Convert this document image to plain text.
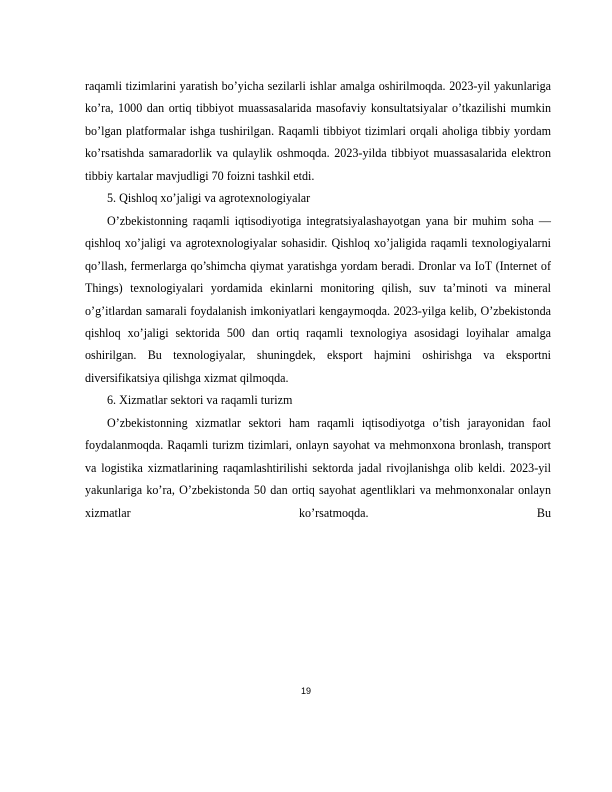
raqamli tizimlarini yaratish bo’yicha sezilarli ishlar amalga oshirilmoqda. 2023-yil yakunlariga ko’ra, 1000 dan ortiq tibbiyot muassasalarida masofaviy konsultatsiyalar o’tkazilishi mumkin bo’lgan platformalar ishga tushirilgan. Raqamli tibbiyot tizimlari orqali aholiga tibbiy yordam ko’rsatishda samaradorlik va qulaylik oshmoqda. 2023-yilda tibbiyot muassasalarida elektron tibbiy kartalar mavjudligi 70 foizni tashkil etdi.

5. Qishloq xo’jaligi va agrotexnologiyalar

O’zbekistonning raqamli iqtisodiyotiga integratsiyalashayotgan yana bir muhim soha — qishloq xo’jaligi va agrotexnologiyalar sohasidir. Qishloq xo’jaligida raqamli texnologiyalarni qo’llash, fermerlarga qo’shimcha qiymat yaratishga yordam beradi. Dronlar va IoT (Internet of Things) texnologiyalari yordamida ekinlarni monitoring qilish, suv ta’minoti va mineral o’g’itlardan samarali foydalanish imkoniyatlari kengaymoqda. 2023-yilga kelib, O’zbekistonda qishloq xo’jaligi sektorida 500 dan ortiq raqamli texnologiya asosidagi loyihalar amalga oshirilgan. Bu texnologiyalar, shuningdek, eksport hajmini oshirishga va eksportni diversifikatsiya qilishga xizmat qilmoqda.

6. Xizmatlar sektori va raqamli turizm

O’zbekistonning xizmatlar sektori ham raqamli iqtisodiyotga o’tish jarayonidan faol foydalanmoqda. Raqamli turizm tizimlari, onlayn sayohat va mehmonxona bronlash, transport va logistika xizmatlarining raqamlashtirilishi sektorda jadal rivojlanishga olib keldi. 2023-yil yakunlariga ko’ra, O’zbekistonda 50 dan ortiq sayohat agentliklari va mehmonxonalar onlayn xizmatlar ko’rsatmoqda. Bu

19
